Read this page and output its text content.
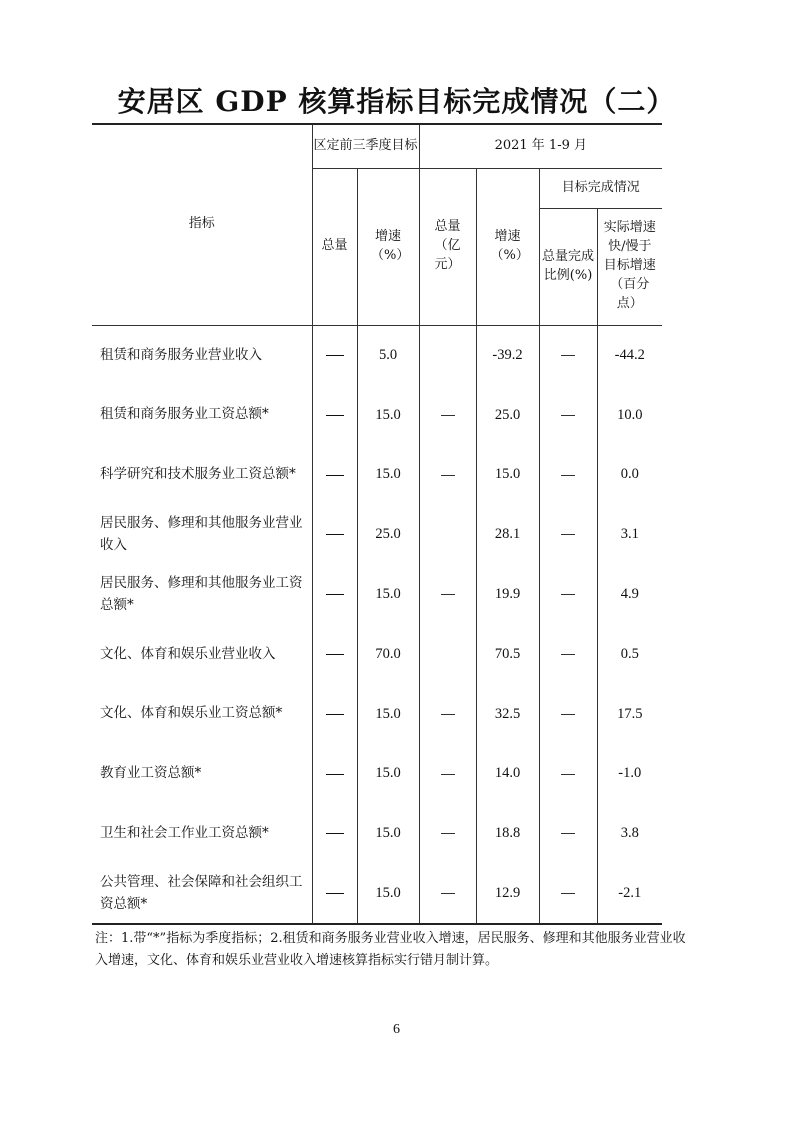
安居区 GDP 核算指标目标完成情况（二）
指标	区定前三季度目标		2021 年 1-9 月			
	总量	增速（%）	总量（亿元）	增速（%）	目标完成情况	

					总量完成比例(%)	实际增速快/慢于目标增速（百分点）

租赁和商务服务业营业收入		5.0		-39.2		-44.2
租赁和商务服务业工资总额*		15.0		25.0		10.0
科学研究和技术服务业工资总额*		15.0		15.0		0.0
居民服务、修理和其他服务业营业收入		25.0		28.1		3.1
居民服务、修理和其他服务业工资总额*		15.0		19.9		4.9
文化、体育和娱乐业营业收入		70.0		70.5		0.5
文化、体育和娱乐业工资总额*		15.0		32.5		17.5
教育业工资总额*		15.0		14.0		-1.0
卫生和社会工作业工资总额*		15.0		18.8		3.8
公共管理、社会保障和社会组织工资总额*		15.0		12.9		-2.1
注：1.带“*”指标为季度指标；2.租赁和商务服务业营业收入增速，居民服务、修理和其他服务业营业收入增速，文化、体育和娱乐业营业收入增速核算指标实行错月制计算。
6
